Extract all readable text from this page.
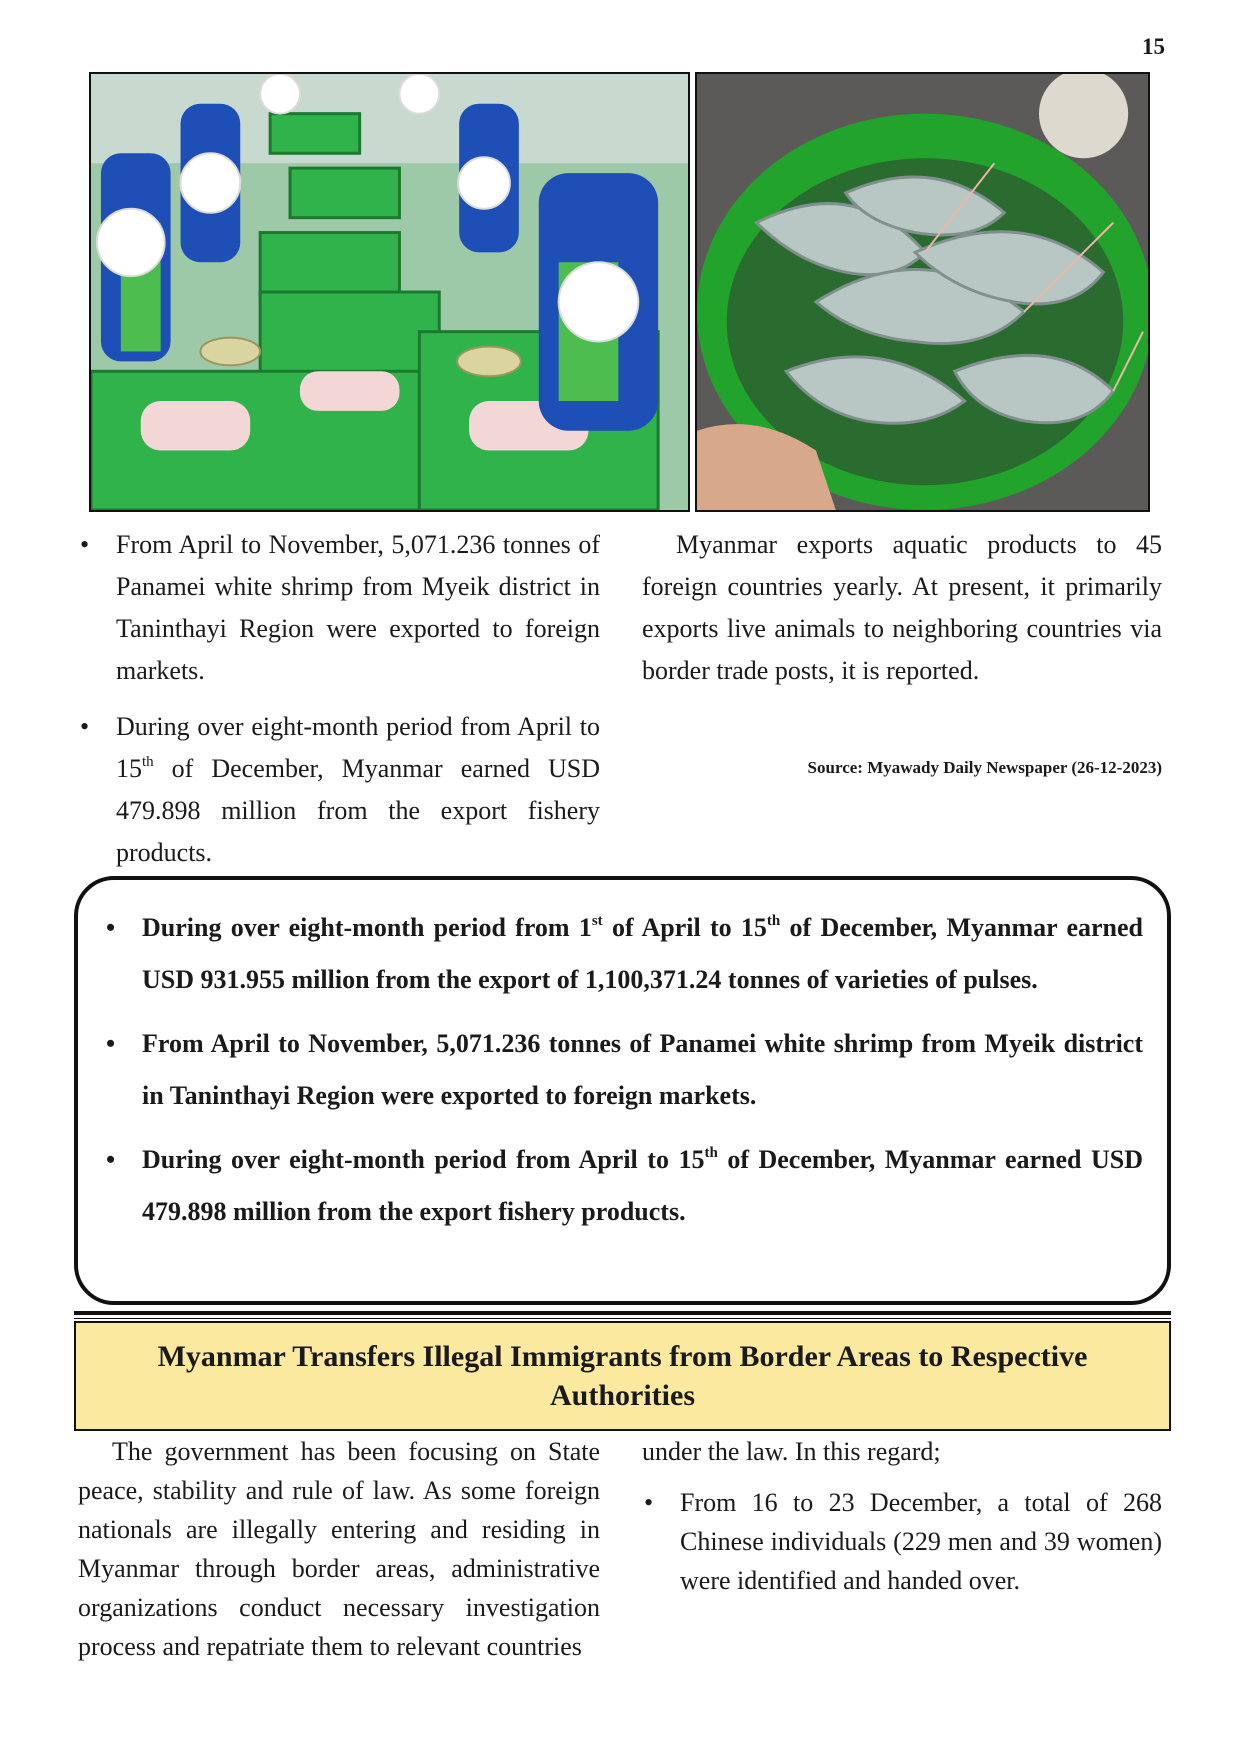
15
• From April to November, 5,071.236 tonnes of Panamei white shrimp from Myeik district in Taninthayi Region were exported to foreign markets.
• During over eight-month period from April to 15th of December, Myanmar earned USD 479.898 million from the export fishery products.

Myanmar exports aquatic products to 45 foreign countries yearly. At present, it primarily exports live animals to neighboring countries via border trade posts, it is reported.

Source: Myawady Daily Newspaper (26-12-2023)
• During over eight-month period from 1st of April to 15th of December, Myanmar earned USD 931.955 million from the export of 1,100,371.24 tonnes of varieties of pulses.
• From April to November, 5,071.236 tonnes of Panamei white shrimp from Myeik district in Taninthayi Region were exported to foreign markets.
• During over eight-month period from April to 15th of December, Myanmar earned USD 479.898 million from the export fishery products.
Myanmar Transfers Illegal Immigrants from Border Areas to Respective Authorities

The government has been focusing on State peace, stability and rule of law. As some foreign nationals are illegally entering and residing in Myanmar through border areas, administrative organizations conduct necessary investigation process and repatriate them to relevant countries

under the law. In this regard;

• From 16 to 23 December, a total of 268 Chinese individuals (229 men and 39 women) were identified and handed over.
